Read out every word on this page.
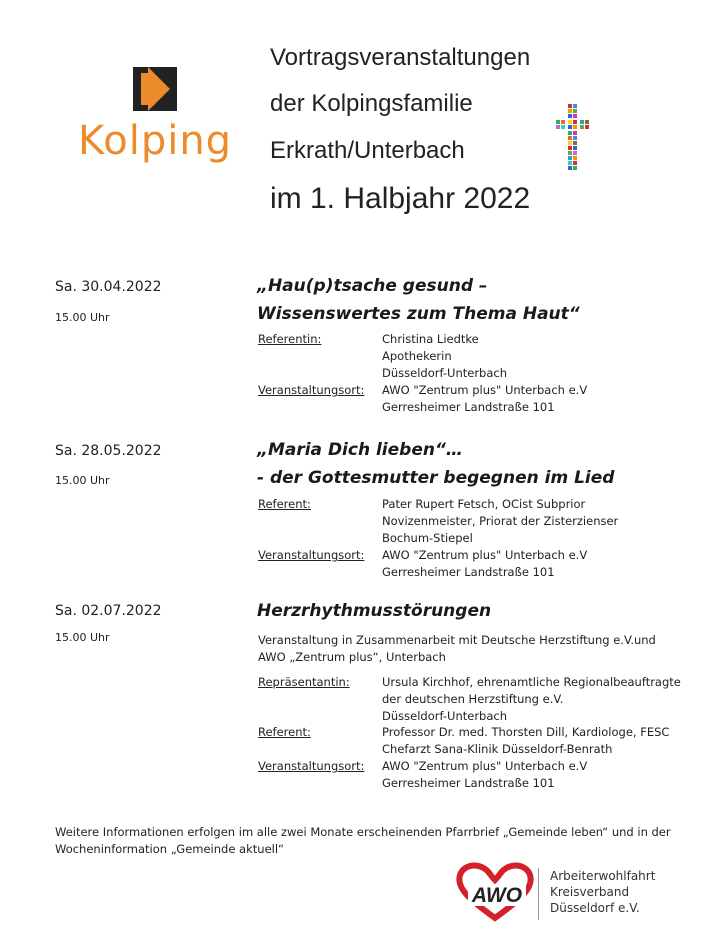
Kolping
Vortragsveranstaltungen
der Kolpingsfamilie
Erkrath/Unterbach
im 1. Halbjahr 2022
Sa. 30.04.2022
15.00 Uhr
„Hau(p)tsache gesund –
Wissenswertes zum Thema Haut“
Referentin:	Christina Liedtke
Apothekerin
Düsseldorf-Unterbach
Veranstaltungsort: AWO "Zentrum plus" Unterbach e.V
Gerresheimer Landstraße 101
Sa. 28.05.2022
15.00 Uhr
„Maria Dich lieben“…
- der Gottesmutter begegnen im Lied
Referent:	Pater Rupert Fetsch, OCist Subprior
Novizenmeister, Priorat der Zisterzienser
Bochum-Stiepel
Veranstaltungsort: AWO "Zentrum plus" Unterbach e.V
Gerresheimer Landstraße 101
Sa. 02.07.2022
15.00 Uhr
Herzrhythmusstörungen
Veranstaltung in Zusammenarbeit mit Deutsche Herzstiftung e.V.und
AWO „Zentrum plus“, Unterbach
Repräsentantin:	Ursula Kirchhof, ehrenamtliche Regionalbeauftragte
der deutschen Herzstiftung e.V.
Düsseldorf-Unterbach
Referent:	Professor Dr. med. Thorsten Dill, Kardiologe, FESC
Chefarzt Sana-Klinik Düsseldorf-Benrath
Veranstaltungsort: AWO "Zentrum plus" Unterbach e.V
Gerresheimer Landstraße 101
Weitere Informationen erfolgen im alle zwei Monate erscheinenden Pfarrbrief „Gemeinde leben“ und in der
Wocheninformation „Gemeinde aktuell“
AWO
Arbeiterwohlfahrt
Kreisverband
Düsseldorf e.V.
